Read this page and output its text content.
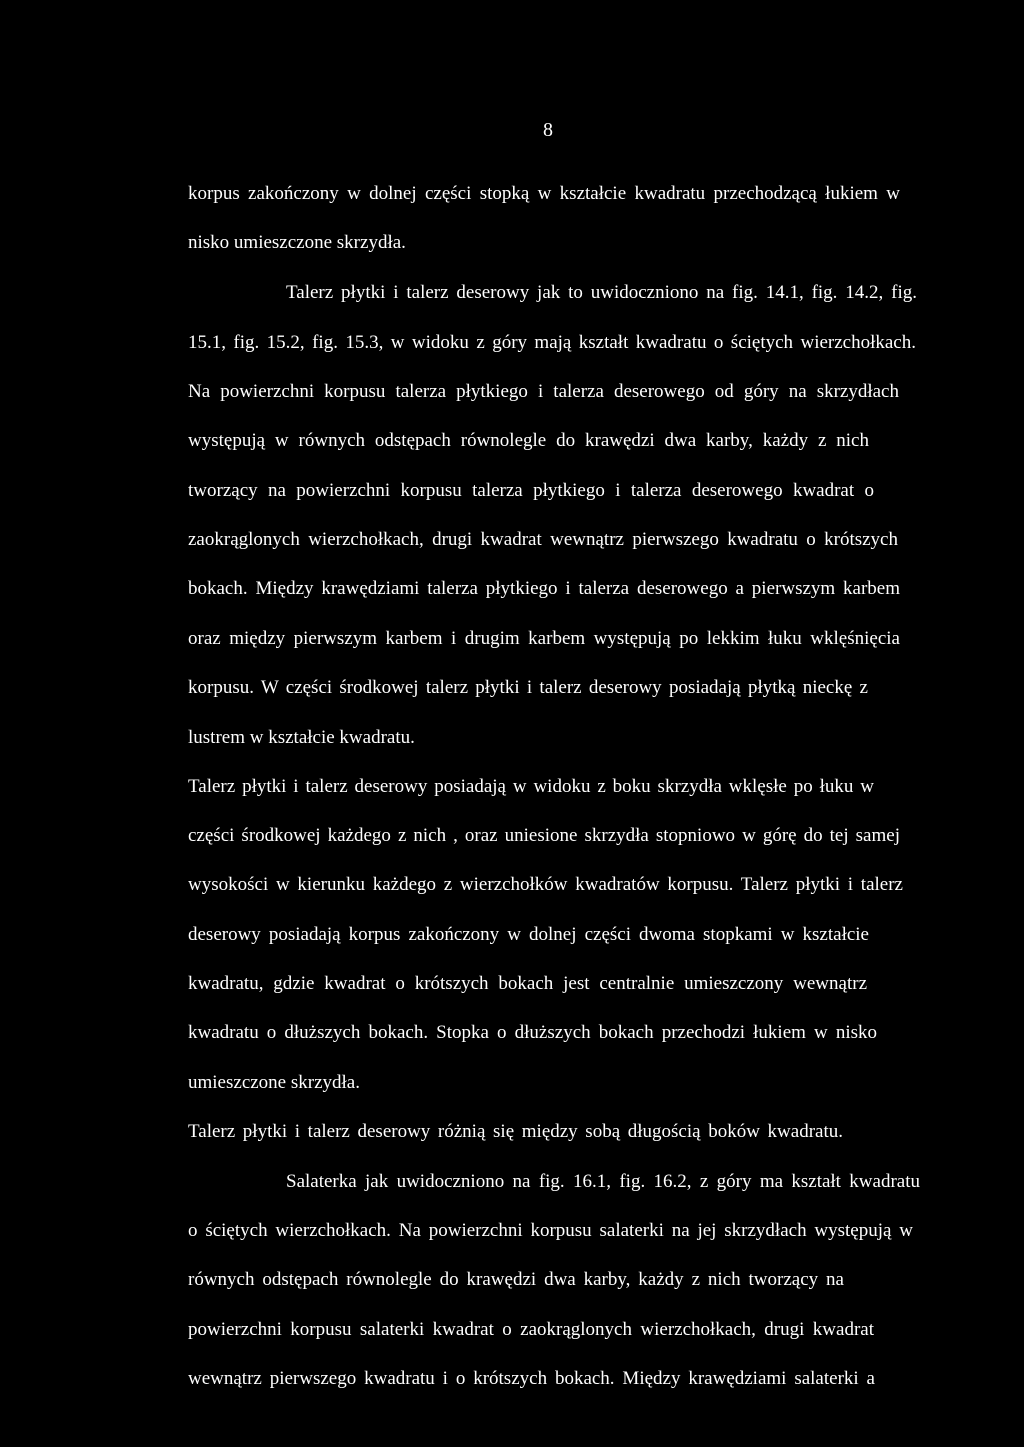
8
korpus zakończony w dolnej części stopką w kształcie kwadratu przechodzącą łukiem w
nisko umieszczone skrzydła.
Talerz płytki i talerz deserowy jak to uwidoczniono na fig. 14.1, fig. 14.2, fig.
15.1, fig. 15.2, fig. 15.3, w widoku z góry mają kształt kwadratu o ściętych wierzchołkach.
Na powierzchni korpusu talerza płytkiego i talerza deserowego od góry na skrzydłach
występują w równych odstępach równolegle do krawędzi dwa karby, każdy z nich
tworzący na powierzchni korpusu talerza płytkiego i talerza deserowego kwadrat o
zaokrąglonych wierzchołkach, drugi kwadrat wewnątrz pierwszego kwadratu o krótszych
bokach. Między krawędziami talerza płytkiego i talerza deserowego a pierwszym karbem
oraz między pierwszym karbem i drugim karbem występują po lekkim łuku wklęśnięcia
korpusu. W części środkowej talerz płytki i talerz deserowy posiadają płytką nieckę z
lustrem w kształcie kwadratu.
Talerz płytki i talerz deserowy posiadają w widoku z boku skrzydła wklęsłe po łuku w
części środkowej każdego z nich , oraz uniesione skrzydła stopniowo w górę do tej samej
wysokości w kierunku każdego z wierzchołków kwadratów korpusu. Talerz płytki i talerz
deserowy posiadają korpus zakończony w dolnej części dwoma stopkami w kształcie
kwadratu, gdzie kwadrat o krótszych bokach jest centralnie umieszczony wewnątrz
kwadratu o dłuższych bokach. Stopka o dłuższych bokach przechodzi łukiem w nisko
umieszczone skrzydła.
Talerz płytki i talerz deserowy różnią się między sobą długością boków kwadratu.
Salaterka jak uwidoczniono na fig. 16.1, fig. 16.2, z góry ma kształt kwadratu
o ściętych wierzchołkach. Na powierzchni korpusu salaterki na jej skrzydłach występują w
równych odstępach równolegle do krawędzi dwa karby, każdy z nich tworzący na
powierzchni korpusu salaterki kwadrat o zaokrąglonych wierzchołkach, drugi kwadrat
wewnątrz pierwszego kwadratu i o krótszych bokach. Między krawędziami salaterki a
